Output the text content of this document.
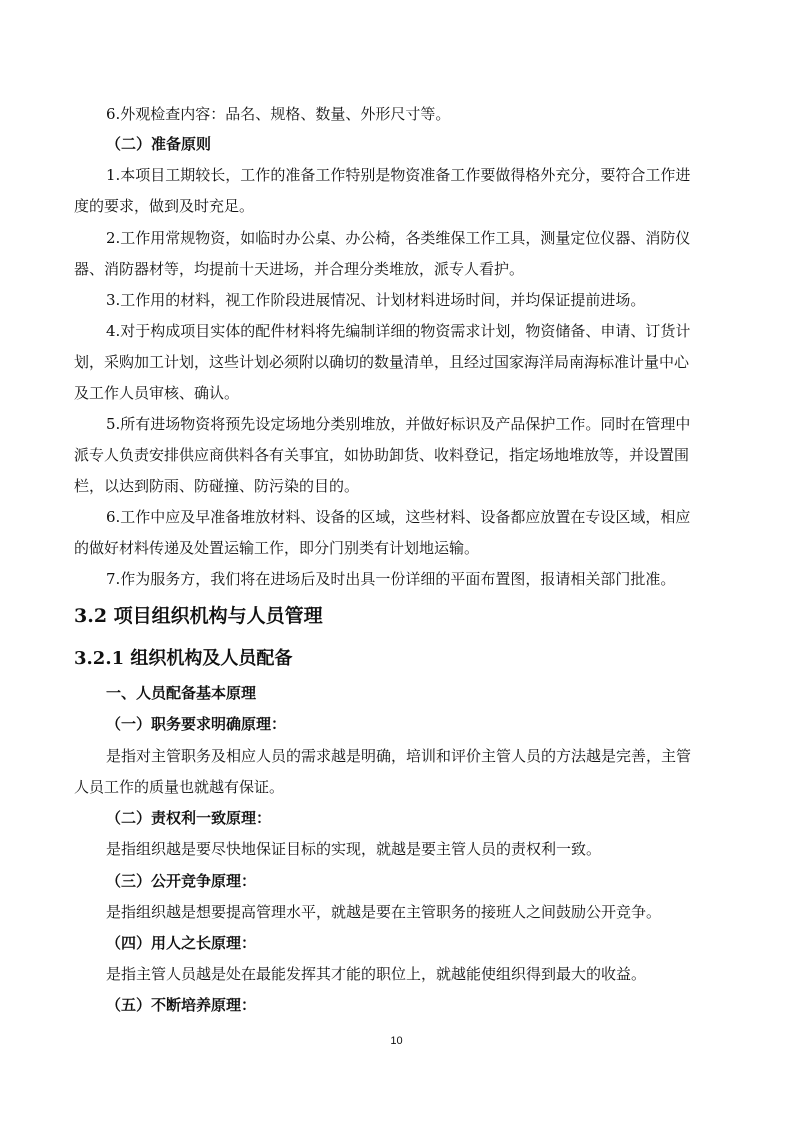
6.外观检查内容：品名、规格、数量、外形尺寸等。
（二）准备原则
1.本项目工期较长，工作的准备工作特别是物资准备工作要做得格外充分，要符合工作进
度的要求，做到及时充足。
2.工作用常规物资，如临时办公桌、办公椅，各类维保工作工具，测量定位仪器、消防仪
器、消防器材等，均提前十天进场，并合理分类堆放，派专人看护。
3.工作用的材料，视工作阶段进展情况、计划材料进场时间，并均保证提前进场。
4.对于构成项目实体的配件材料将先编制详细的物资需求计划，物资储备、申请、订货计
划，采购加工计划，这些计划必须附以确切的数量清单，且经过国家海洋局南海标准计量中心
及工作人员审核、确认。
5.所有进场物资将预先设定场地分类别堆放，并做好标识及产品保护工作。同时在管理中
派专人负责安排供应商供料各有关事宜，如协助卸货、收料登记，指定场地堆放等，并设置围
栏，以达到防雨、防碰撞、防污染的目的。
6.工作中应及早准备堆放材料、设备的区域，这些材料、设备都应放置在专设区域，相应
的做好材料传递及处置运输工作，即分门别类有计划地运输。
7.作为服务方，我们将在进场后及时出具一份详细的平面布置图，报请相关部门批准。
3.2 项目组织机构与人员管理
3.2.1 组织机构及人员配备
一、人员配备基本原理
（一）职务要求明确原理：
是指对主管职务及相应人员的需求越是明确，培训和评价主管人员的方法越是完善，主管
人员工作的质量也就越有保证。
（二）责权利一致原理：
是指组织越是要尽快地保证目标的实现，就越是要主管人员的责权利一致。
（三）公开竞争原理：
是指组织越是想要提高管理水平，就越是要在主管职务的接班人之间鼓励公开竞争。
（四）用人之长原理：
是指主管人员越是处在最能发挥其才能的职位上，就越能使组织得到最大的收益。
（五）不断培养原理：
10
